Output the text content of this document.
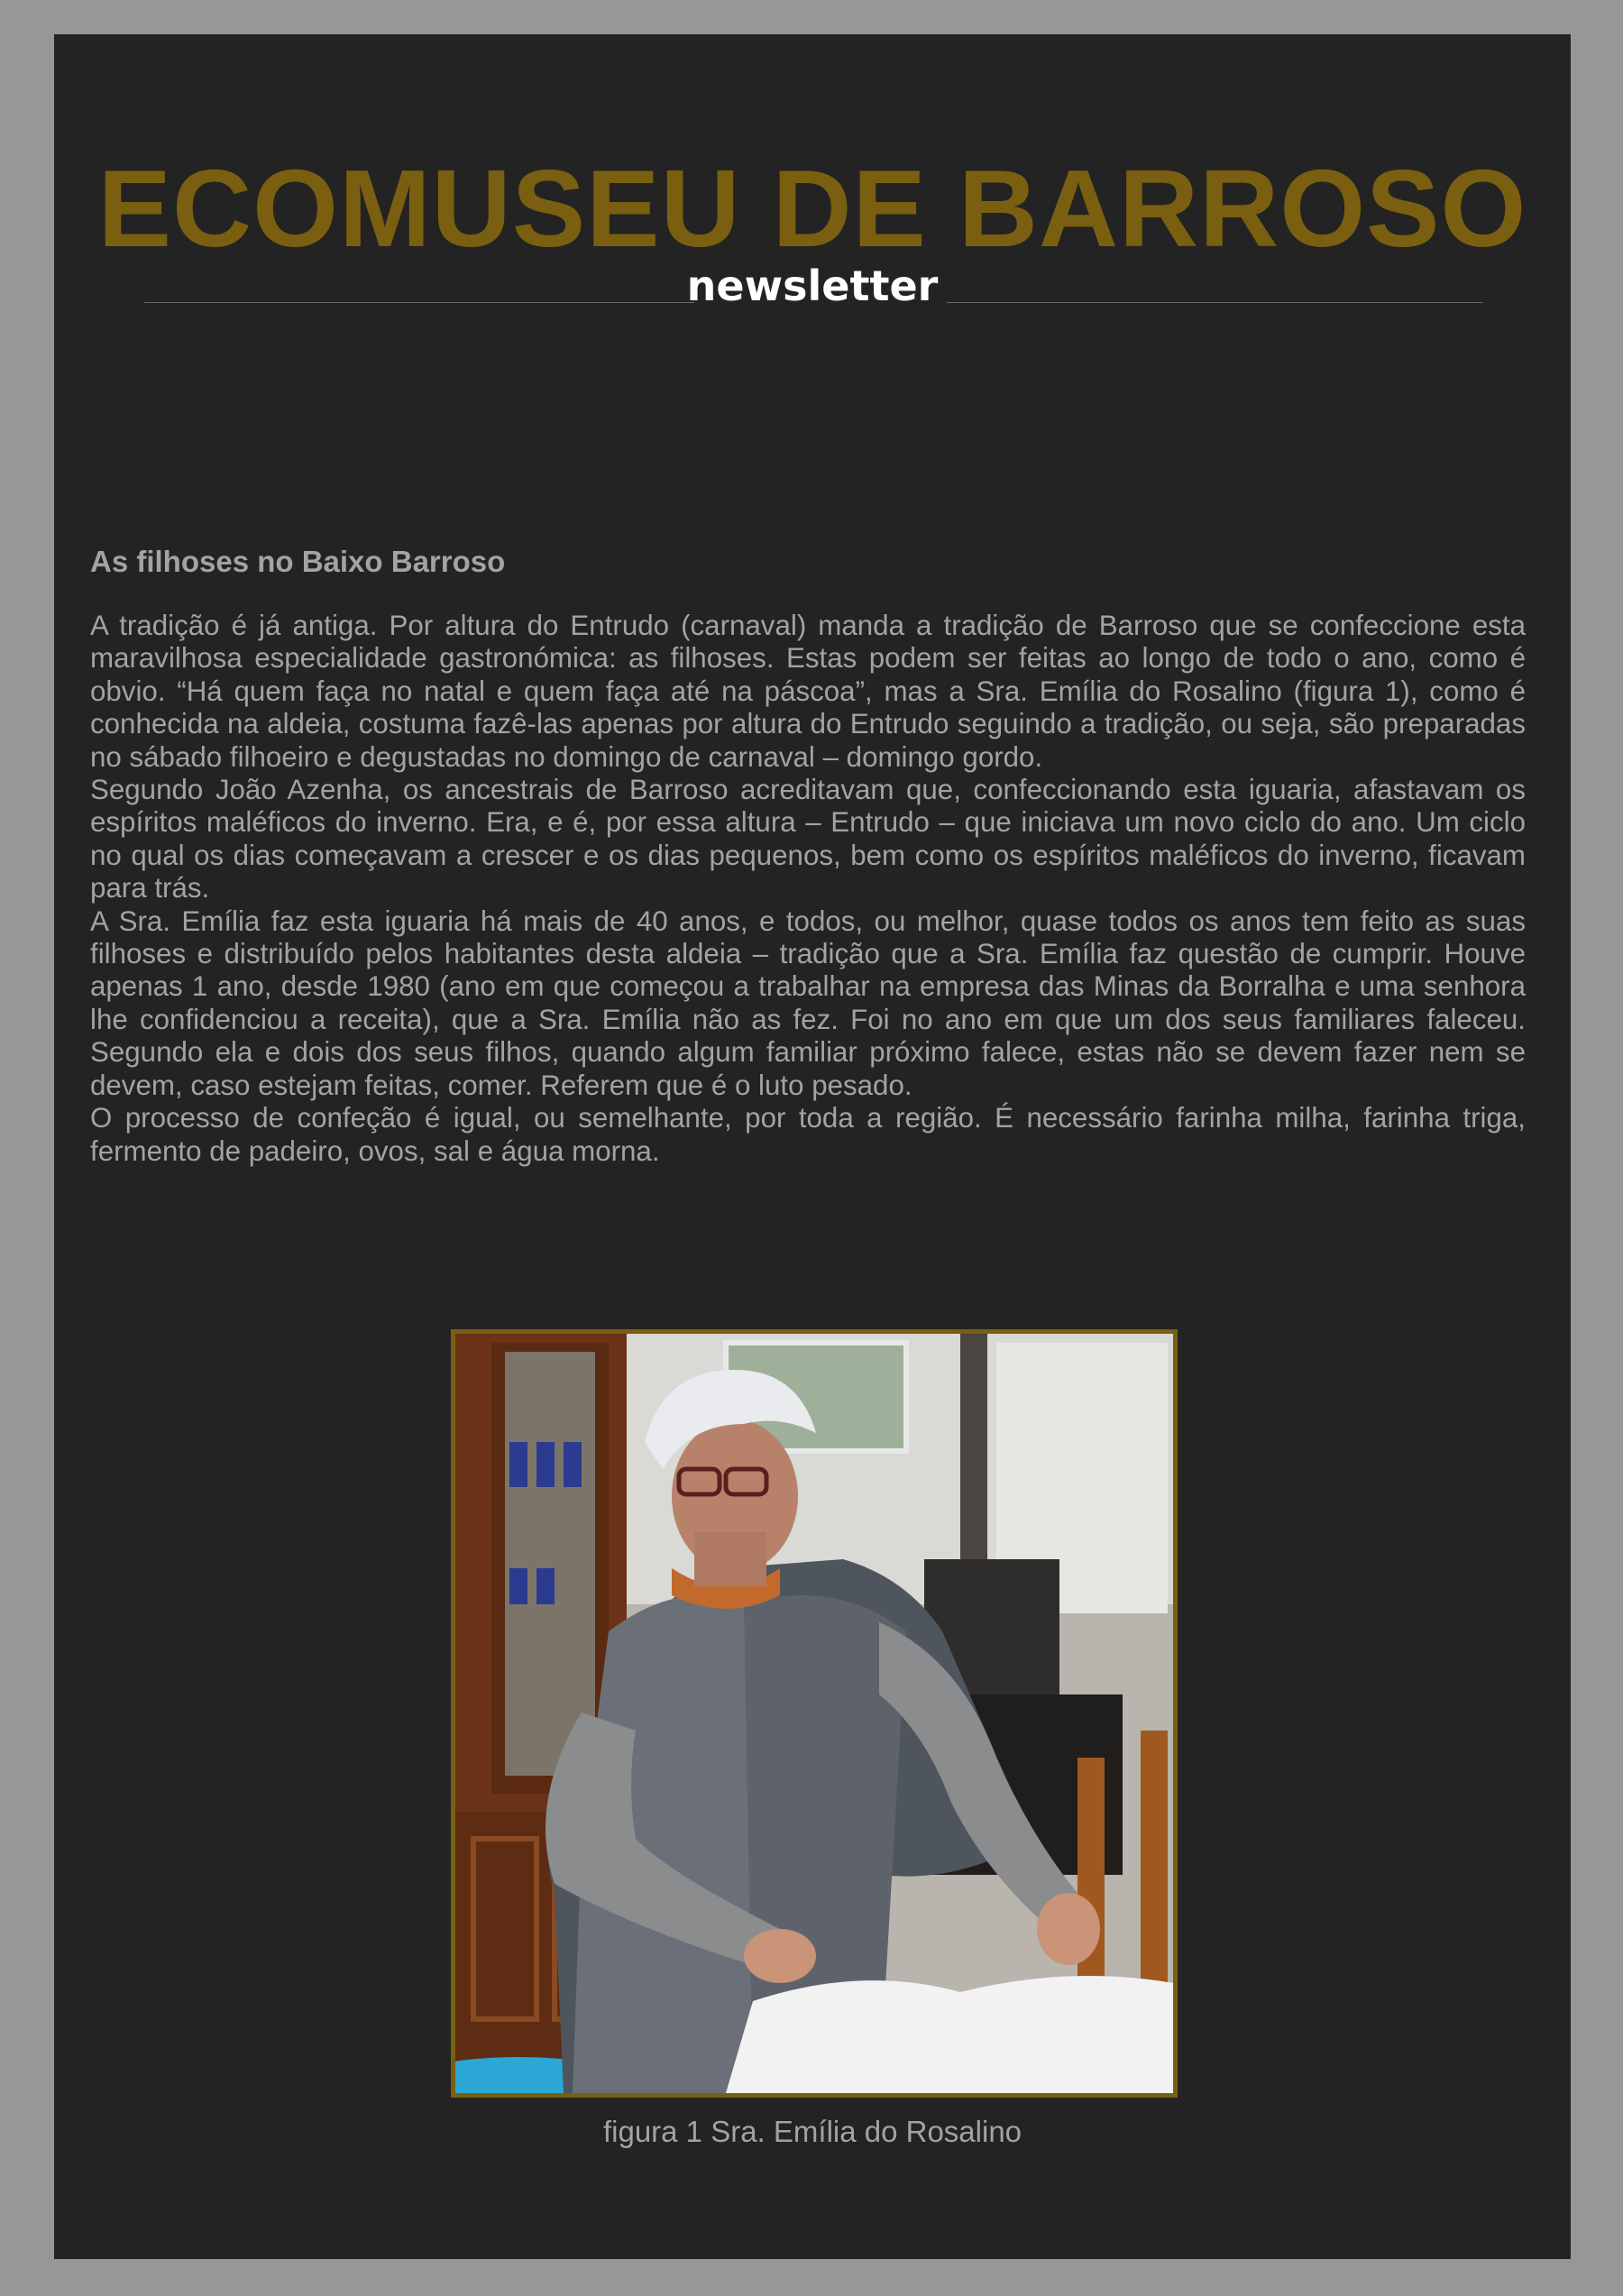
ECOMUSEU DE BARROSO
newsletter
As filhoses no Baixo Barroso

A tradição é já antiga. Por altura do Entrudo (carnaval) manda a tradição de Barroso que se confeccione esta maravilhosa especialidade gastronómica: as filhoses. Estas podem ser feitas ao longo de todo o ano, como é obvio. “Há quem faça no natal e quem faça até na páscoa”, mas a Sra. Emília do Rosalino (figura 1), como é conhecida na aldeia, costuma fazê-las apenas por altura do Entrudo seguindo a tradição, ou seja, são preparadas no sábado filhoeiro e degustadas no domingo de carnaval – domingo gordo.

Segundo João Azenha, os ancestrais de Barroso acreditavam que, confeccionando esta iguaria, afastavam os espíritos maléficos do inverno. Era, e é, por essa altura – Entrudo – que iniciava um novo ciclo do ano. Um ciclo no qual os dias começavam a crescer e os dias pequenos, bem como os espíritos maléficos do inverno, ficavam para trás.

A Sra. Emília faz esta iguaria há mais de 40 anos, e todos, ou melhor, quase todos os anos tem feito as suas filhoses e distribuído pelos habitantes desta aldeia – tradição que a Sra. Emília faz questão de cumprir. Houve apenas 1 ano, desde 1980 (ano em que começou a trabalhar na empresa das Minas da Borralha e uma senhora lhe confidenciou a receita), que a Sra. Emília não as fez. Foi no ano em que um dos seus familiares faleceu. Segundo ela e dois dos seus filhos, quando algum familiar próximo falece, estas não se devem fazer nem se devem, caso estejam feitas, comer. Referem que é o luto pesado.

O processo de confeção é igual, ou semelhante, por toda a região. É necessário farinha milha, farinha triga, fermento de padeiro, ovos, sal e água morna.

figura 1 Sra. Emília do Rosalino
